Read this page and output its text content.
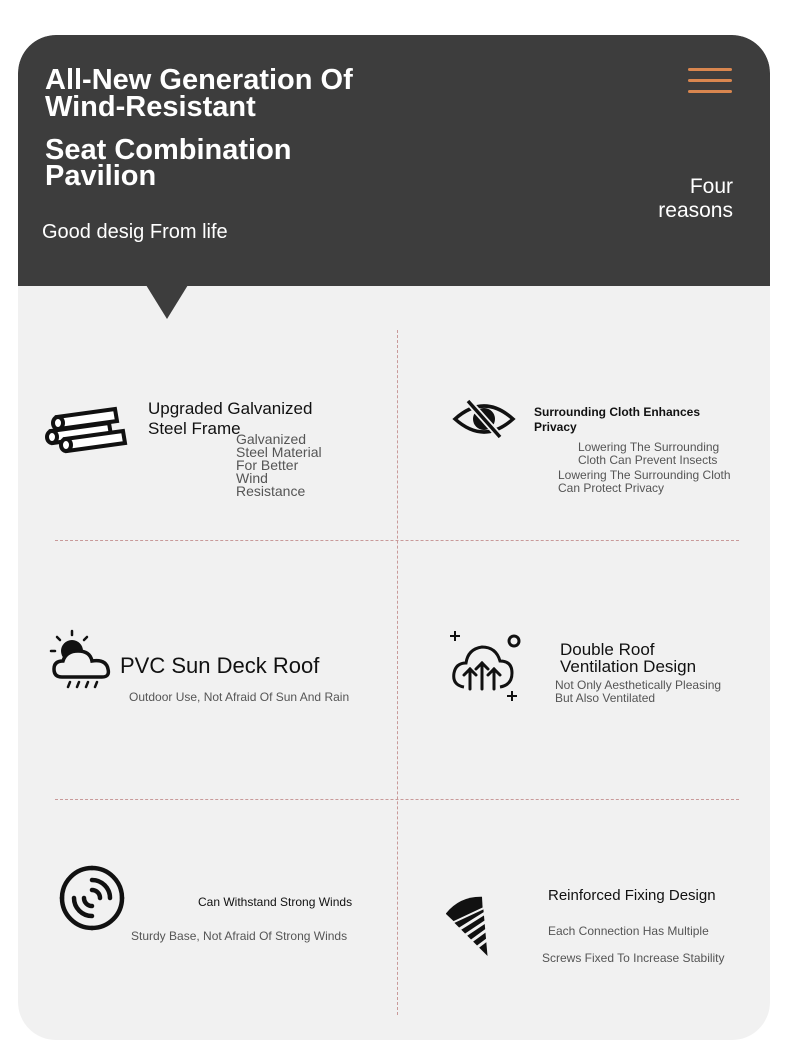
All-New Generation Of

Wind-Resistant

Seat Combination

Pavilion

Good desig From life
Four
reasons

Upgraded Galvanized

Steel Frame

Galvanized

Steel Material

For Better

Wind

Resistance

Surrounding Cloth Enhances

Privacy

Lowering The Surrounding

Cloth Can Prevent Insects

Lowering The Surrounding Cloth

Can Protect Privacy

PVC Sun Deck Roof

Outdoor Use, Not Afraid Of Sun And Rain

Double Roof

Ventilation Design

Not Only Aesthetically Pleasing

But Also Ventilated

Can Withstand Strong Winds

Sturdy Base, Not Afraid Of Strong Winds

Reinforced Fixing Design

Each Connection Has Multiple

Screws Fixed To Increase Stability
